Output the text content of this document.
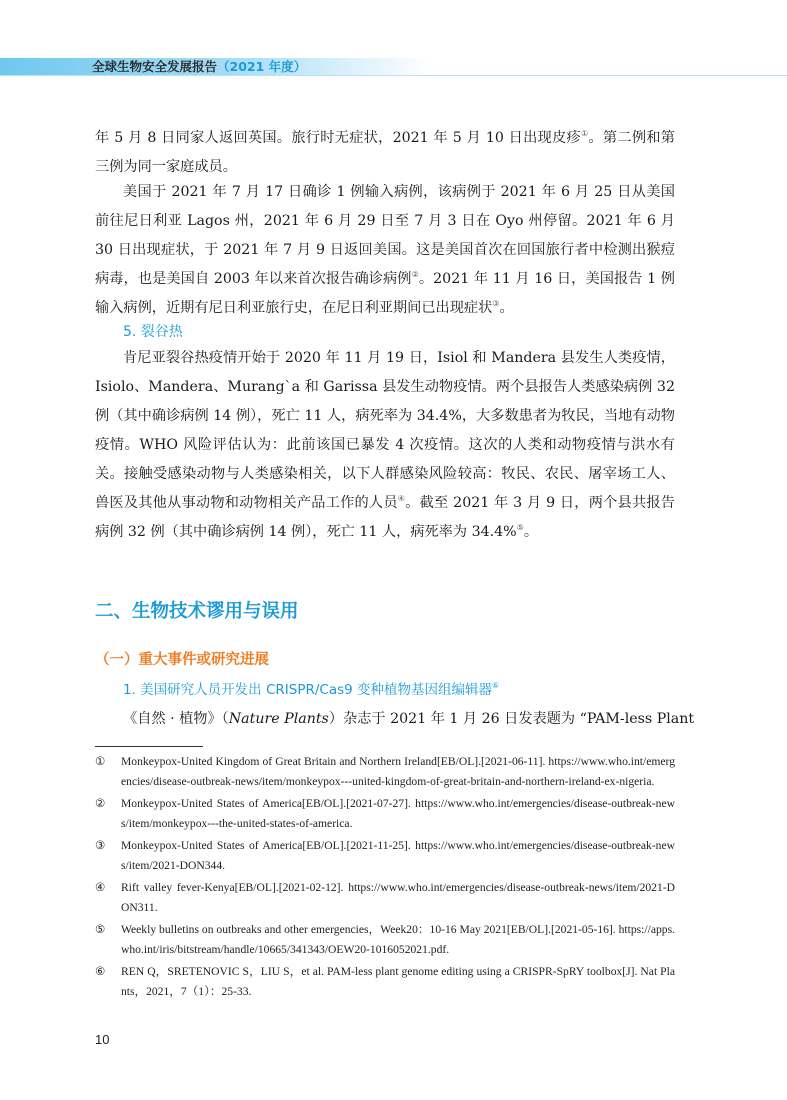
全球生物安全发展报告（2021 年度）

年 5 月 8 日同家人返回英国。旅行时无症状，2021 年 5 月 10 日出现皮疹①。第二例和第三例为同一家庭成员。

美国于 2021 年 7 月 17 日确诊 1 例输入病例，该病例于 2021 年 6 月 25 日从美国前往尼日利亚 Lagos 州，2021 年 6 月 29 日至 7 月 3 日在 Oyo 州停留。2021 年 6 月 30 日出现症状，于 2021 年 7 月 9 日返回美国。这是美国首次在回国旅行者中检测出猴痘病毒，也是美国自 2003 年以来首次报告确诊病例②。2021 年 11 月 16 日，美国报告 1 例输入病例，近期有尼日利亚旅行史，在尼日利亚期间已出现症状③。

5. 裂谷热

肯尼亚裂谷热疫情开始于 2020 年 11 月 19 日，Isiol 和 Mandera 县发生人类疫情，Isiolo、Mandera、Murang`a 和 Garissa 县发生动物疫情。两个县报告人类感染病例 32 例（其中确诊病例 14 例），死亡 11 人，病死率为 34.4%，大多数患者为牧民，当地有动物疫情。WHO 风险评估认为：此前该国已暴发 4 次疫情。这次的人类和动物疫情与洪水有关。接触受感染动物与人类感染相关，以下人群感染风险较高：牧民、农民、屠宰场工人、兽医及其他从事动物和动物相关产品工作的人员④。截至 2021 年 3 月 9 日，两个县共报告病例 32 例（其中确诊病例 14 例），死亡 11 人，病死率为 34.4%⑤。

二、生物技术谬用与误用
（一）重大事件或研究进展
1. 美国研究人员开发出 CRISPR/Cas9 变种植物基因组编辑器⑥

《自然 · 植物》（Nature Plants）杂志于 2021 年 1 月 26 日发表题为 “PAM-less Plant

①	Monkeypox-United Kingdom of Great Britain and Northern Ireland[EB/OL].[2021-06-11]. https://www.who.int/emergencies/disease-outbreak-news/item/monkeypox---united-kingdom-of-great-britain-and-northern-ireland-ex-nigeria.
②	Monkeypox-United States of America[EB/OL].[2021-07-27]. https://www.who.int/emergencies/disease-outbreak-news/item/monkeypox---the-united-states-of-america.
③	Monkeypox-United States of America[EB/OL].[2021-11-25]. https://www.who.int/emergencies/disease-outbreak-news/item/2021-DON344.
④	Rift valley fever-Kenya[EB/OL].[2021-02-12]. https://www.who.int/emergencies/disease-outbreak-news/item/2021-DON311.
⑤	Weekly bulletins on outbreaks and other emergencies，Week20：10-16 May 2021[EB/OL].[2021-05-16]. https://apps.who.int/iris/bitstream/handle/10665/341343/OEW20-1016052021.pdf.
⑥	REN Q，SRETENOVIC S，LIU S，et al. PAM-less plant genome editing using a CRISPR-SpRY toolbox[J]. Nat Plants，2021，7（1）：25-33.
10
